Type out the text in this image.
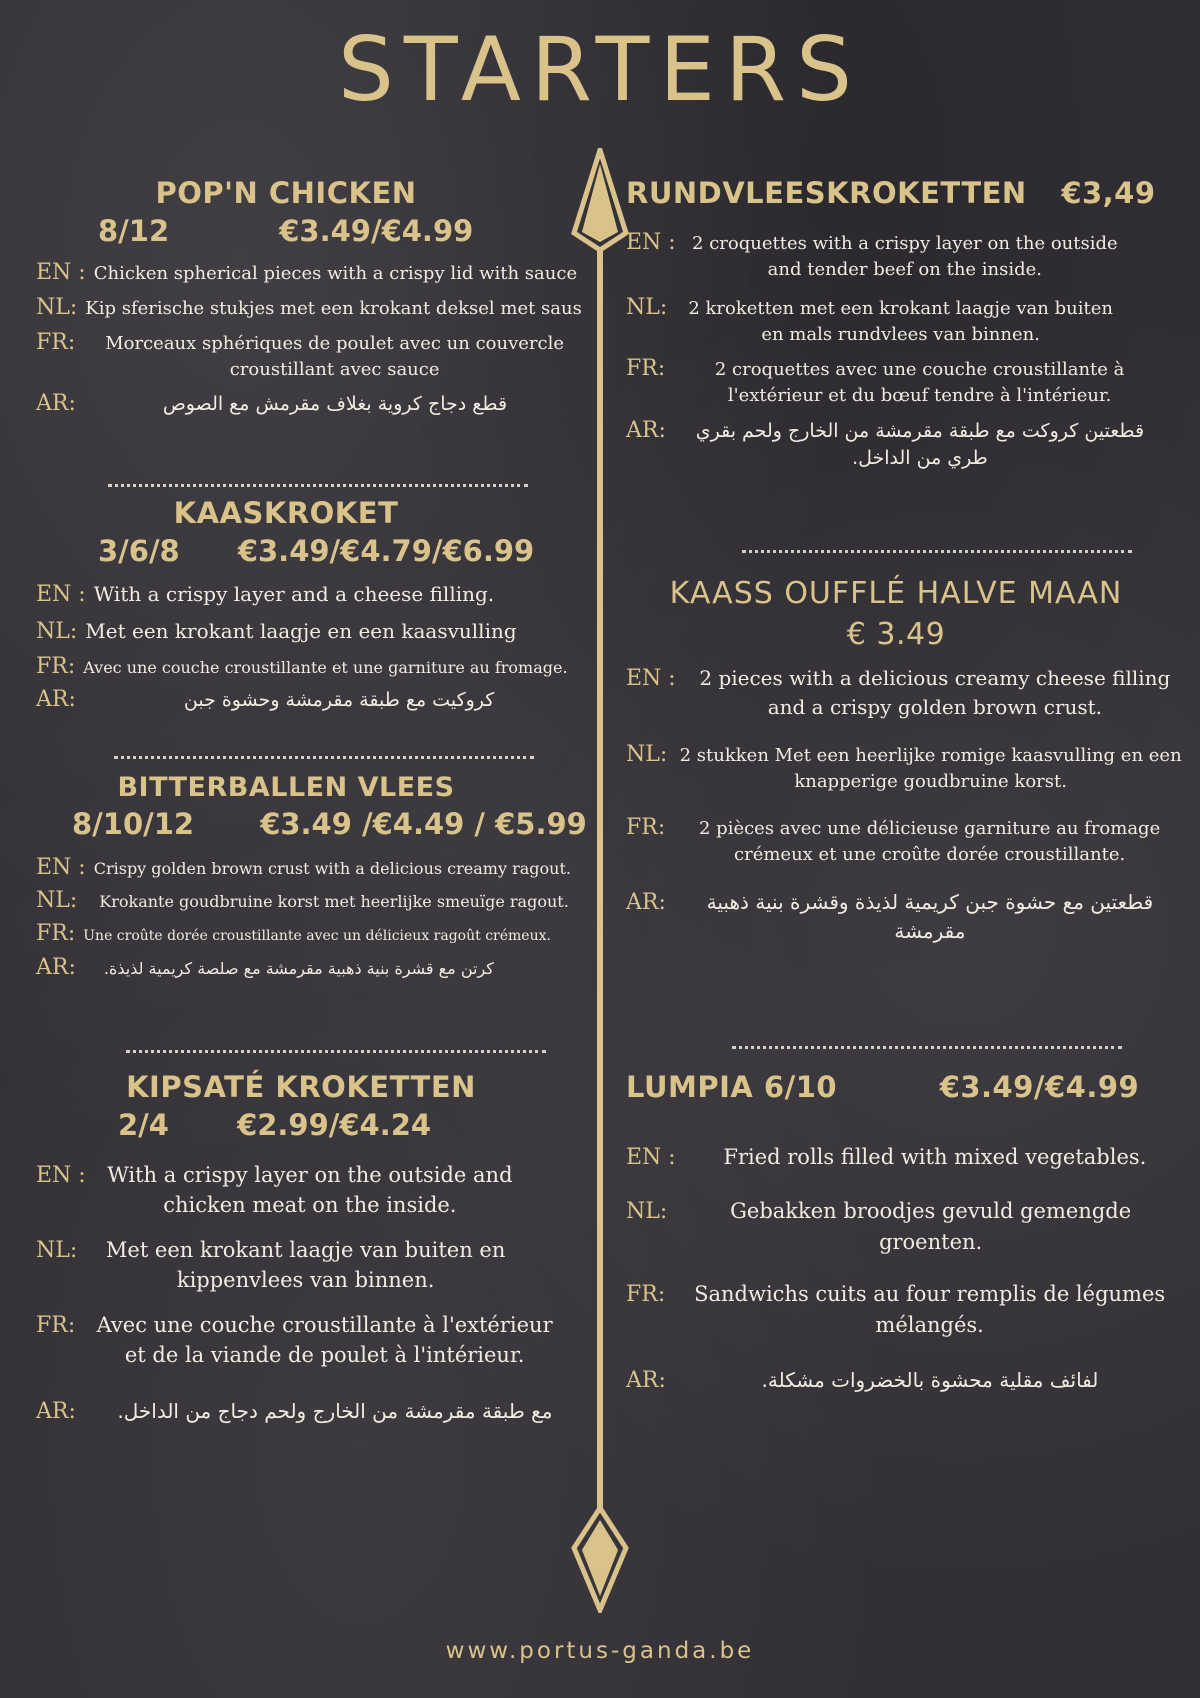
STARTERS
POP'N CHICKEN
8/12	€3.49/€4.99
EN : Chicken spherical pieces with a crispy lid with sauce
NL: Kip sferische stukjes met een krokant deksel met saus
FR:	Morceaux sphériques de poulet avec un couvercle croustillant avec sauce
AR:	قطع دجاج كروية بغلاف مقرمش مع الصوص
KAASKROKET
3/6/8 €3.49/€4.79/€6.99
EN : With a crispy layer and a cheese filling.
NL: Met een krokant laagje en een kaasvulling
FR: Avec une couche croustillante et une garniture au fromage.
AR:	كروكيت مع طبقة مقرمشة وحشوة جبن
BITTERBALLEN VLEES
8/10/12 €3.49 /€4.49 / €5.99
EN : Crispy golden brown crust with a delicious creamy ragout.
NL:	Krokante goudbruine korst met heerlijke smeuïge ragout.
FR: Une croûte dorée croustillante avec un délicieux ragoût crémeux.
AR:	كرتن مع قشرة بنية ذهبية مقرمشة مع صلصة كريمية لذيذة.
KIPSATÉ KROKETTEN
2/4 €2.99/€4.24
EN :	With a crispy layer on the outside and chicken meat on the inside.
NL:	Met een krokant laagje van buiten en kippenvlees van binnen.
FR:	Avec une couche croustillante à l'extérieur et de la viande de poulet à l'intérieur.
AR:	مع طبقة مقرمشة من الخارج ولحم دجاج من الداخل.
RUNDVLEESKROKETTEN €3,49
EN : 2 croquettes with a crispy layer on the outside and tender beef on the inside.
NL:	2 kroketten met een krokant laagje van buiten en mals rundvlees van binnen.
FR:	2 croquettes avec une couche croustillante à l'extérieur et du bœuf tendre à l'intérieur.
AR:	قطعتين كروكت مع طبقة مقرمشة من الخارج ولحم بقري طري من الداخل.
KAASS OUFFLÉ HALVE MAAN
€ 3.49
EN :	2 pieces with a delicious creamy cheese filling and a crispy golden brown crust.
NL: 2 stukken Met een heerlijke romige kaasvulling en een knapperige goudbruine korst.
FR:	2 pièces avec une délicieuse garniture au fromage crémeux et une croûte dorée croustillante.
AR:	قطعتين مع حشوة جبن كريمية لذيذة وقشرة بنية ذهبية مقرمشة
LUMPIA 6/10	€3.49/€4.99
EN :	Fried rolls filled with mixed vegetables.
NL:	Gebakken broodjes gevuld gemengde groenten.
FR:	Sandwichs cuits au four remplis de légumes mélangés.
AR:	لفائف مقلية محشوة بالخضروات مشكلة.
www.portus-ganda.be
